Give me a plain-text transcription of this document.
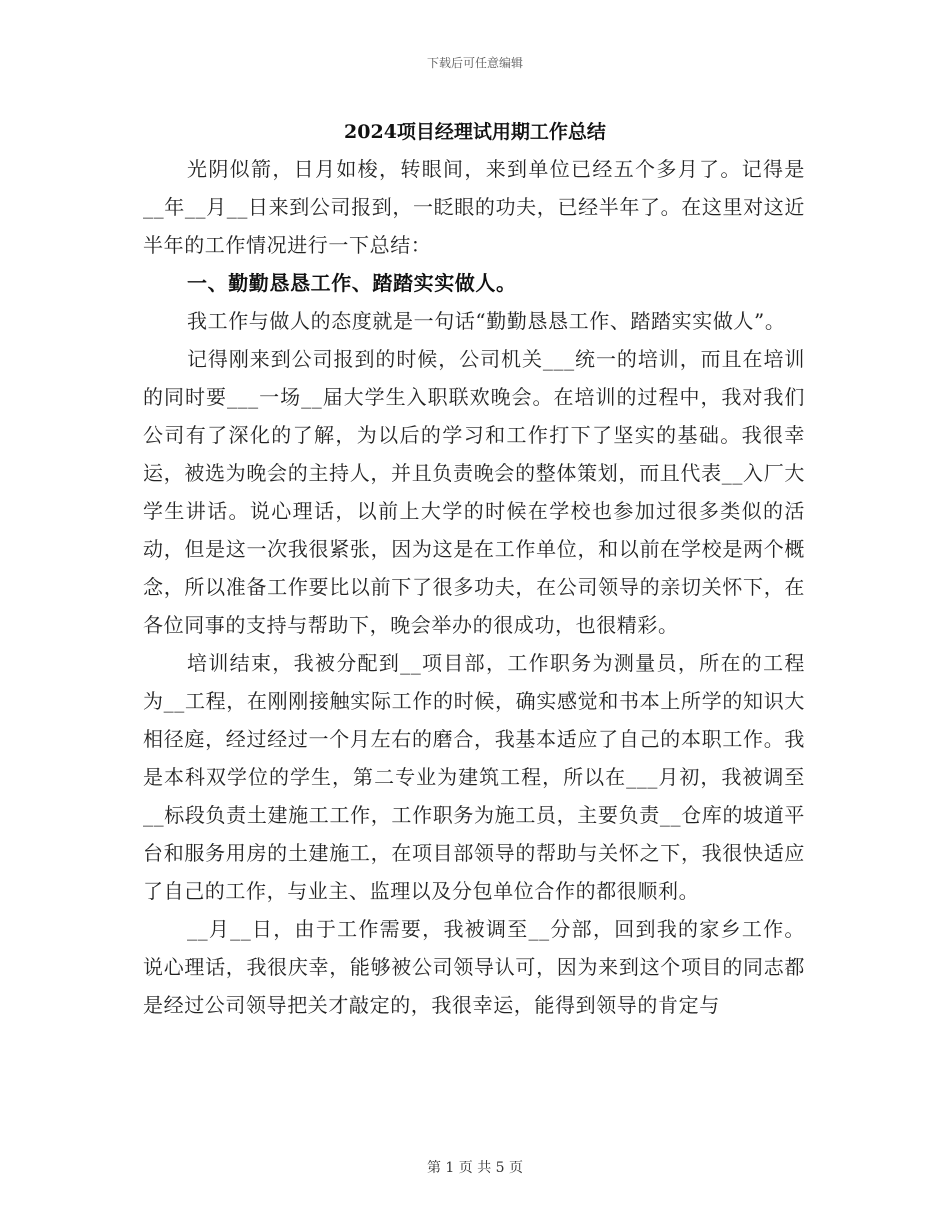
下载后可任意编辑
2024项目经理试用期工作总结

光阴似箭，日月如梭，转眼间，来到单位已经五个多月了。记得是__年__月__日来到公司报到，一眨眼的功夫，已经半年了。在这里对这近半年的工作情况进行一下总结：

一、勤勤恳恳工作、踏踏实实做人。

我工作与做人的态度就是一句话“勤勤恳恳工作、踏踏实实做人”。

记得刚来到公司报到的时候，公司机关___统一的培训，而且在培训的同时要___一场__届大学生入职联欢晚会。在培训的过程中，我对我们公司有了深化的了解，为以后的学习和工作打下了坚实的基础。我很幸运，被选为晚会的主持人，并且负责晚会的整体策划，而且代表__入厂大学生讲话。说心理话，以前上大学的时候在学校也参加过很多类似的活动，但是这一次我很紧张，因为这是在工作单位，和以前在学校是两个概念，所以准备工作要比以前下了很多功夫，在公司领导的亲切关怀下，在各位同事的支持与帮助下，晚会举办的很成功，也很精彩。

培训结束，我被分配到__项目部，工作职务为测量员，所在的工程为__工程，在刚刚接触实际工作的时候，确实感觉和书本上所学的知识大相径庭，经过经过一个月左右的磨合，我基本适应了自己的本职工作。我是本科双学位的学生，第二专业为建筑工程，所以在___月初，我被调至__标段负责土建施工工作，工作职务为施工员，主要负责__仓库的坡道平台和服务用房的土建施工，在项目部领导的帮助与关怀之下，我很快适应了自己的工作，与业主、监理以及分包单位合作的都很顺利。

__月__日，由于工作需要，我被调至__分部，回到我的家乡工作。说心理话，我很庆幸，能够被公司领导认可，因为来到这个项目的同志都是经过公司领导把关才敲定的，我很幸运，能得到领导的肯定与

第 1 页 共 5 页
